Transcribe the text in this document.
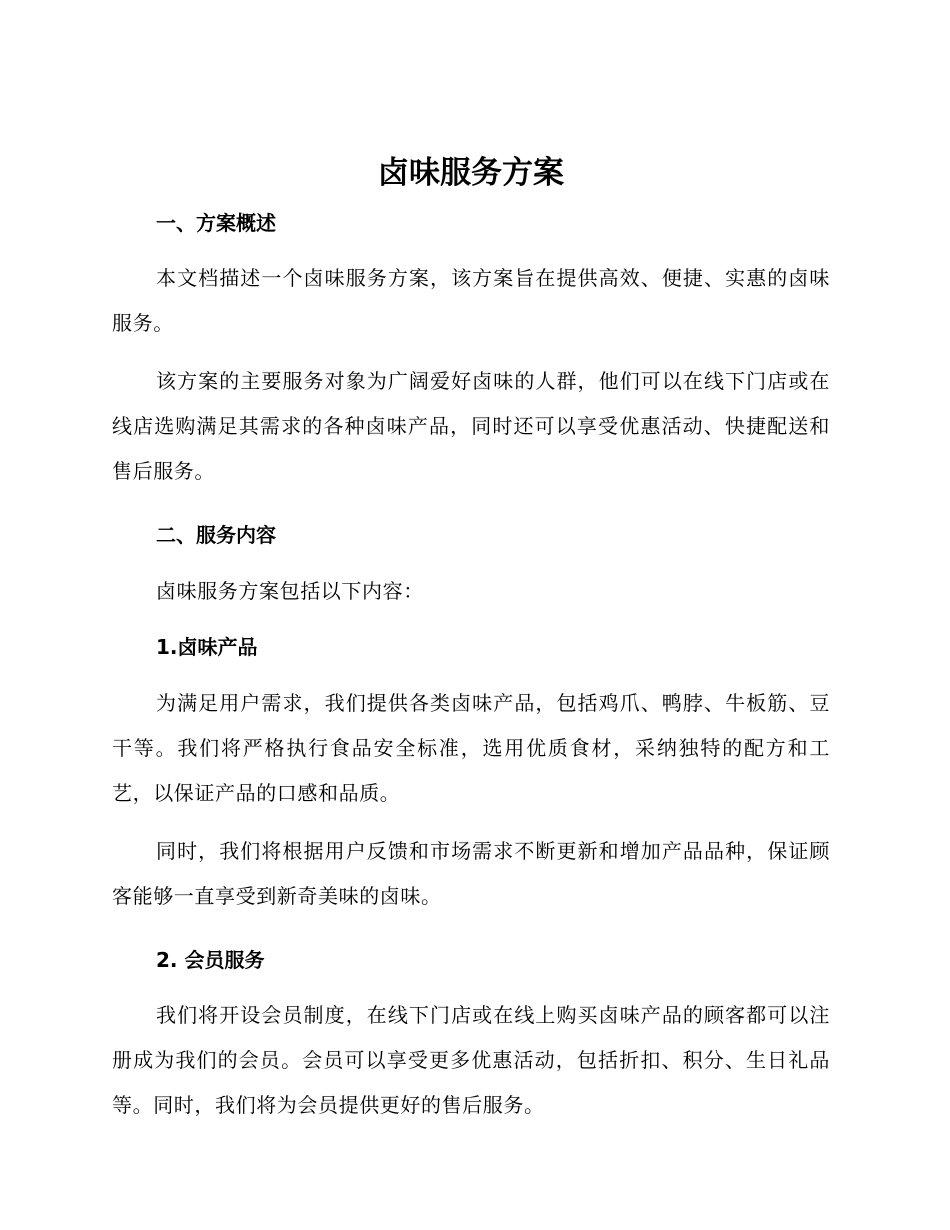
卤味服务方案
一、方案概述

本文档描述一个卤味服务方案，该方案旨在提供高效、便捷、实惠的卤味服务。

该方案的主要服务对象为广阔爱好卤味的人群，他们可以在线下门店或在线店选购满足其需求的各种卤味产品，同时还可以享受优惠活动、快捷配送和售后服务。

二、服务内容

卤味服务方案包括以下内容：

1.卤味产品

为满足用户需求，我们提供各类卤味产品，包括鸡爪、鸭脖、牛板筋、豆干等。我们将严格执行食品安全标准，选用优质食材，采纳独特的配方和工艺，以保证产品的口感和品质。

同时，我们将根据用户反馈和市场需求不断更新和增加产品品种，保证顾客能够一直享受到新奇美味的卤味。

2. 会员服务

我们将开设会员制度，在线下门店或在线上购买卤味产品的顾客都可以注册成为我们的会员。会员可以享受更多优惠活动，包括折扣、积分、生日礼品等。同时，我们将为会员提供更好的售后服务。
